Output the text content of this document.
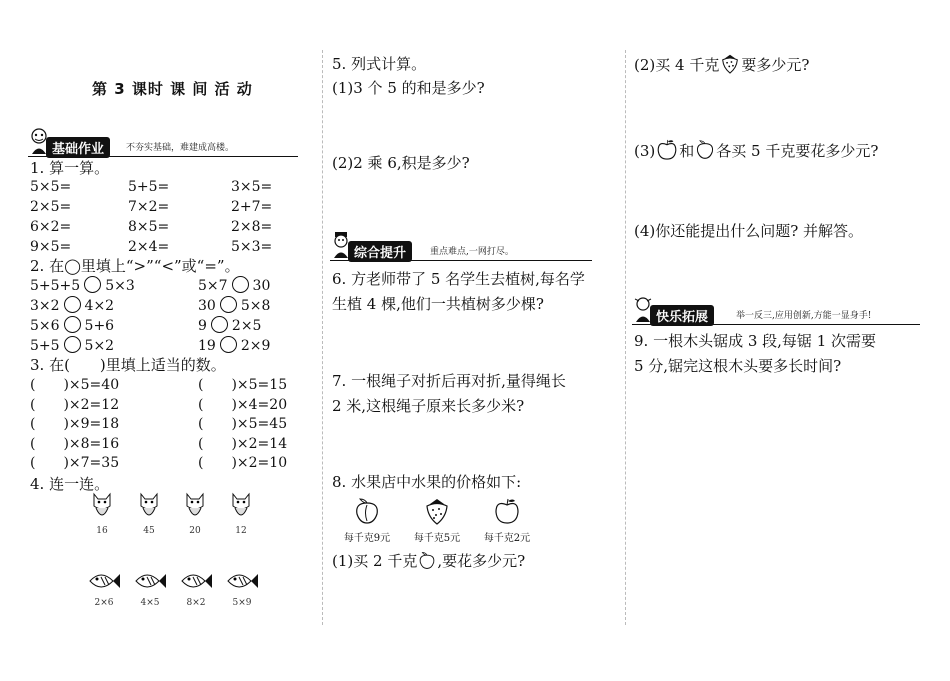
第 3 课时 课 间 活 动
基础作业	不夯实基础，难建成高楼。
1. 算一算。
2. 在◯里填上“>”“<”或“=”。
3. 在(　　)里填上适当的数。
4. 连一连。
16	45	20	12
2×6	4×5	8×2	5×9
5. 列式计算。
(1)3 个 5 的和是多少?
(2)2 乘 6,积是多少?
综合提升	重点难点,一网打尽。
6. 方老师带了 5 名学生去植树,每名学
生植 4 棵,他们一共植树多少棵?
7. 一根绳子对折后再对折,量得绳长
2 米,这根绳子原来长多少米?
8. 水果店中水果的价格如下:
每千克9元	每千克5元	每千克2元
(1)买 2 千克 ,要花多少元?
(2)买 4 千克 要多少元?
(3) 和 各买 5 千克要花多少元?
(4)你还能提出什么问题? 并解答。
快乐拓展	举一反三,应用创新,方能一显身手!
9. 一根木头锯成 3 段,每锯 1 次需要
5 分,锯完这根木头要多长时间?
5×5=	5+5=	3×5=
2×5=	7×2=	2+7=
6×2=	8×5=	2×8=
9×5=	2×4=	5×3=
5+5+5 5×3	5×7 30
3×2 4×2	30 5×8
5×6 5+6	9 2×5
5+5 5×2	19 2×9
(　　)×5=40	(　　)×5=15
(　　)×2=12	(　　)×4=20
(　　)×9=18	(　　)×5=45
(　　)×8=16	(　　)×2=14
(　　)×7=35	(　　)×2=10
